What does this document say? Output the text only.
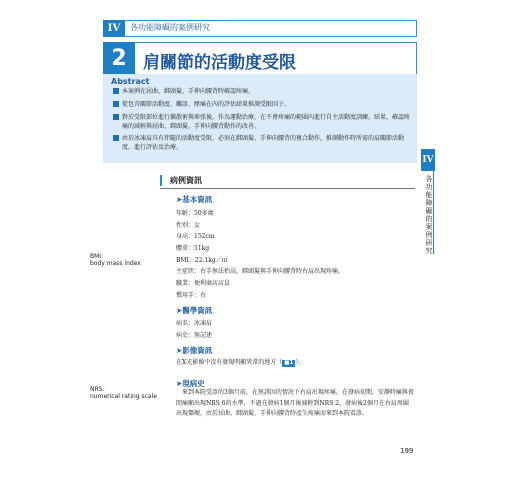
IV	各功能障礙的案例研究
2 肩關節的活動度受限
Abstract
本案例在屈曲、綁頭髮、手伸向腰背時確認疼痛。
從包含關節活動度、觸診、壓痛在內的評估結果推測受限因子。
對於受限部位進行擴散術與牽張後，作為運動治療，在不會疼痛的範圍內進行自主活動度訓練。結果，確認疼痛的減輕與屈曲、綁頭髮、手伸向腰背動作的改善。
由於冰凍肩具有伴隨的活動度受限，必須在綁頭髮、手伸向腰背的複合動作，推測動作時所需的肩關節活動度，進行評估及治療。
IV
各功能障礙的案例研究
病例資訊
➤基本資訊
年齡：50多歲
性別：女
身高：152cm
體重：51kg
BMI：22.1kg／㎡
主症狀：右手無法抬高，綁頭髮與手伸向腰背時右肩出現疼痛。
職業：便利商店店員
慣用手：右
➤醫學資訊
病名：冰凍肩
病史：無記述
➤影像資訊
在X光影像中沒有發現明顯異常的地方（ ■1 ）。
➤現病史
　來到本院受診的3個月前，在無誘因的情況下右肩出現疼痛。在發病初期，安靜時痛與夜間痛顯出現NRS 6的水準，不過在發病1個月後減輕到NRS 2，發病後2個月在右肩周圍出現僵硬，由於屈曲、綁頭髮、手伸向腰背時產生疼痛而來到本院看診。
BMI：
body mass index
NRS：
numerical rating scale
199
